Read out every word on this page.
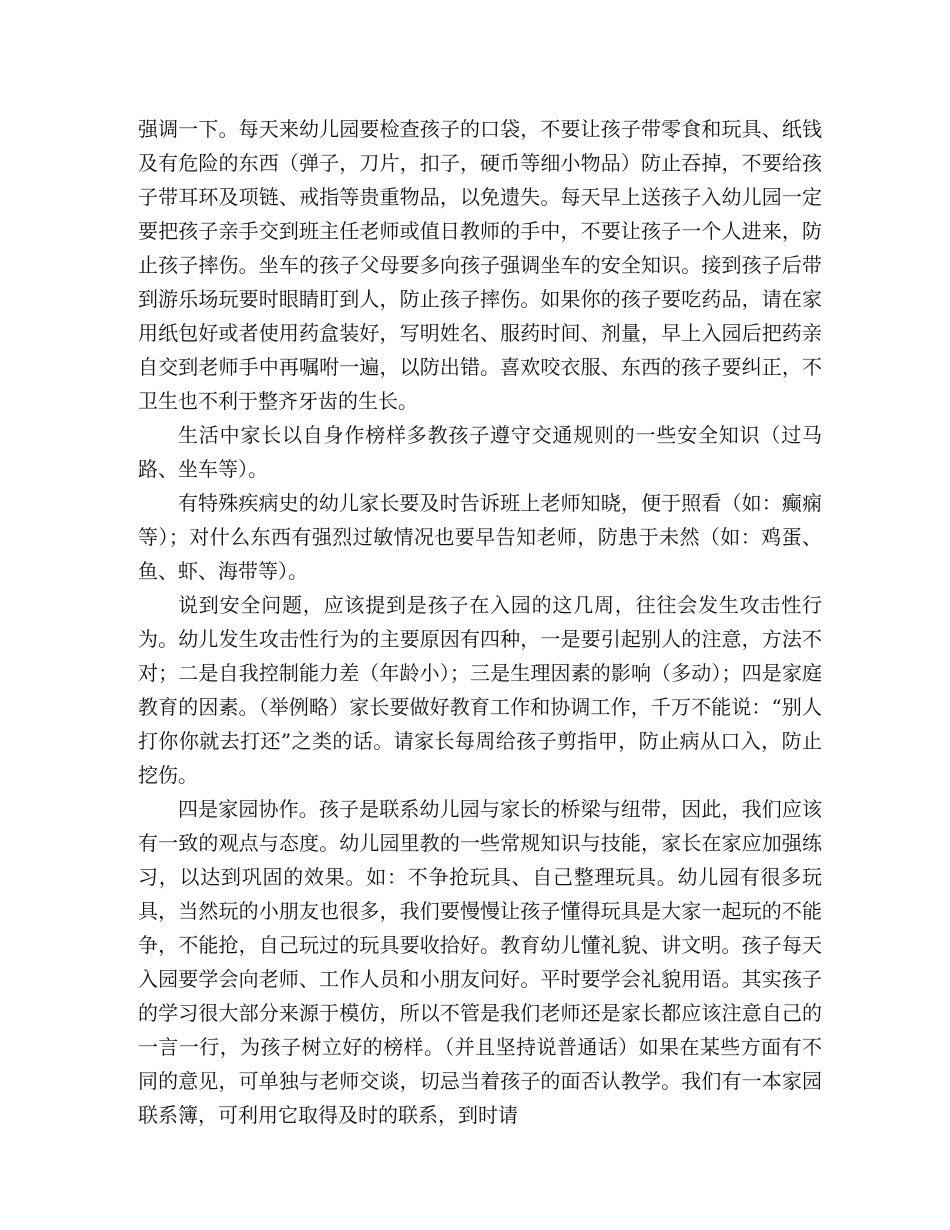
强调一下。每天来幼儿园要检查孩子的口袋，不要让孩子带零食和玩具、纸钱及有危险的东西（弹子，刀片，扣子，硬币等细小物品）防止吞掉，不要给孩子带耳环及项链、戒指等贵重物品，以免遗失。每天早上送孩子入幼儿园一定要把孩子亲手交到班主任老师或值日教师的手中，不要让孩子一个人进来，防止孩子摔伤。坐车的孩子父母要多向孩子强调坐车的安全知识。接到孩子后带到游乐场玩要时眼睛盯到人，防止孩子摔伤。如果你的孩子要吃药品，请在家用纸包好或者使用药盒装好，写明姓名、服药时间、剂量，早上入园后把药亲自交到老师手中再嘱咐一遍，以防出错。喜欢咬衣服、东西的孩子要纠正，不卫生也不利于整齐牙齿的生长。

生活中家长以自身作榜样多教孩子遵守交通规则的一些安全知识（过马路、坐车等）。

有特殊疾病史的幼儿家长要及时告诉班上老师知晓，便于照看（如：癫痫等）；对什么东西有强烈过敏情况也要早告知老师，防患于未然（如：鸡蛋、鱼、虾、海带等）。

说到安全问题，应该提到是孩子在入园的这几周，往往会发生攻击性行为。幼儿发生攻击性行为的主要原因有四种，一是要引起别人的注意，方法不对；二是自我控制能力差（年龄小）；三是生理因素的影响（多动）；四是家庭教育的因素。（举例略）家长要做好教育工作和协调工作，千万不能说：“别人打你你就去打还”之类的话。请家长每周给孩子剪指甲，防止病从口入，防止挖伤。

四是家园协作。孩子是联系幼儿园与家长的桥梁与纽带，因此，我们应该有一致的观点与态度。幼儿园里教的一些常规知识与技能，家长在家应加强练习，以达到巩固的效果。如：不争抢玩具、自己整理玩具。幼儿园有很多玩具，当然玩的小朋友也很多，我们要慢慢让孩子懂得玩具是大家一起玩的不能争，不能抢，自己玩过的玩具要收拾好。教育幼儿懂礼貌、讲文明。孩子每天入园要学会向老师、工作人员和小朋友问好。平时要学会礼貌用语。其实孩子的学习很大部分来源于模仿，所以不管是我们老师还是家长都应该注意自己的一言一行，为孩子树立好的榜样。（并且坚持说普通话）如果在某些方面有不同的意见，可单独与老师交谈，切忌当着孩子的面否认教学。我们有一本家园联系簿，可利用它取得及时的联系，到时请
